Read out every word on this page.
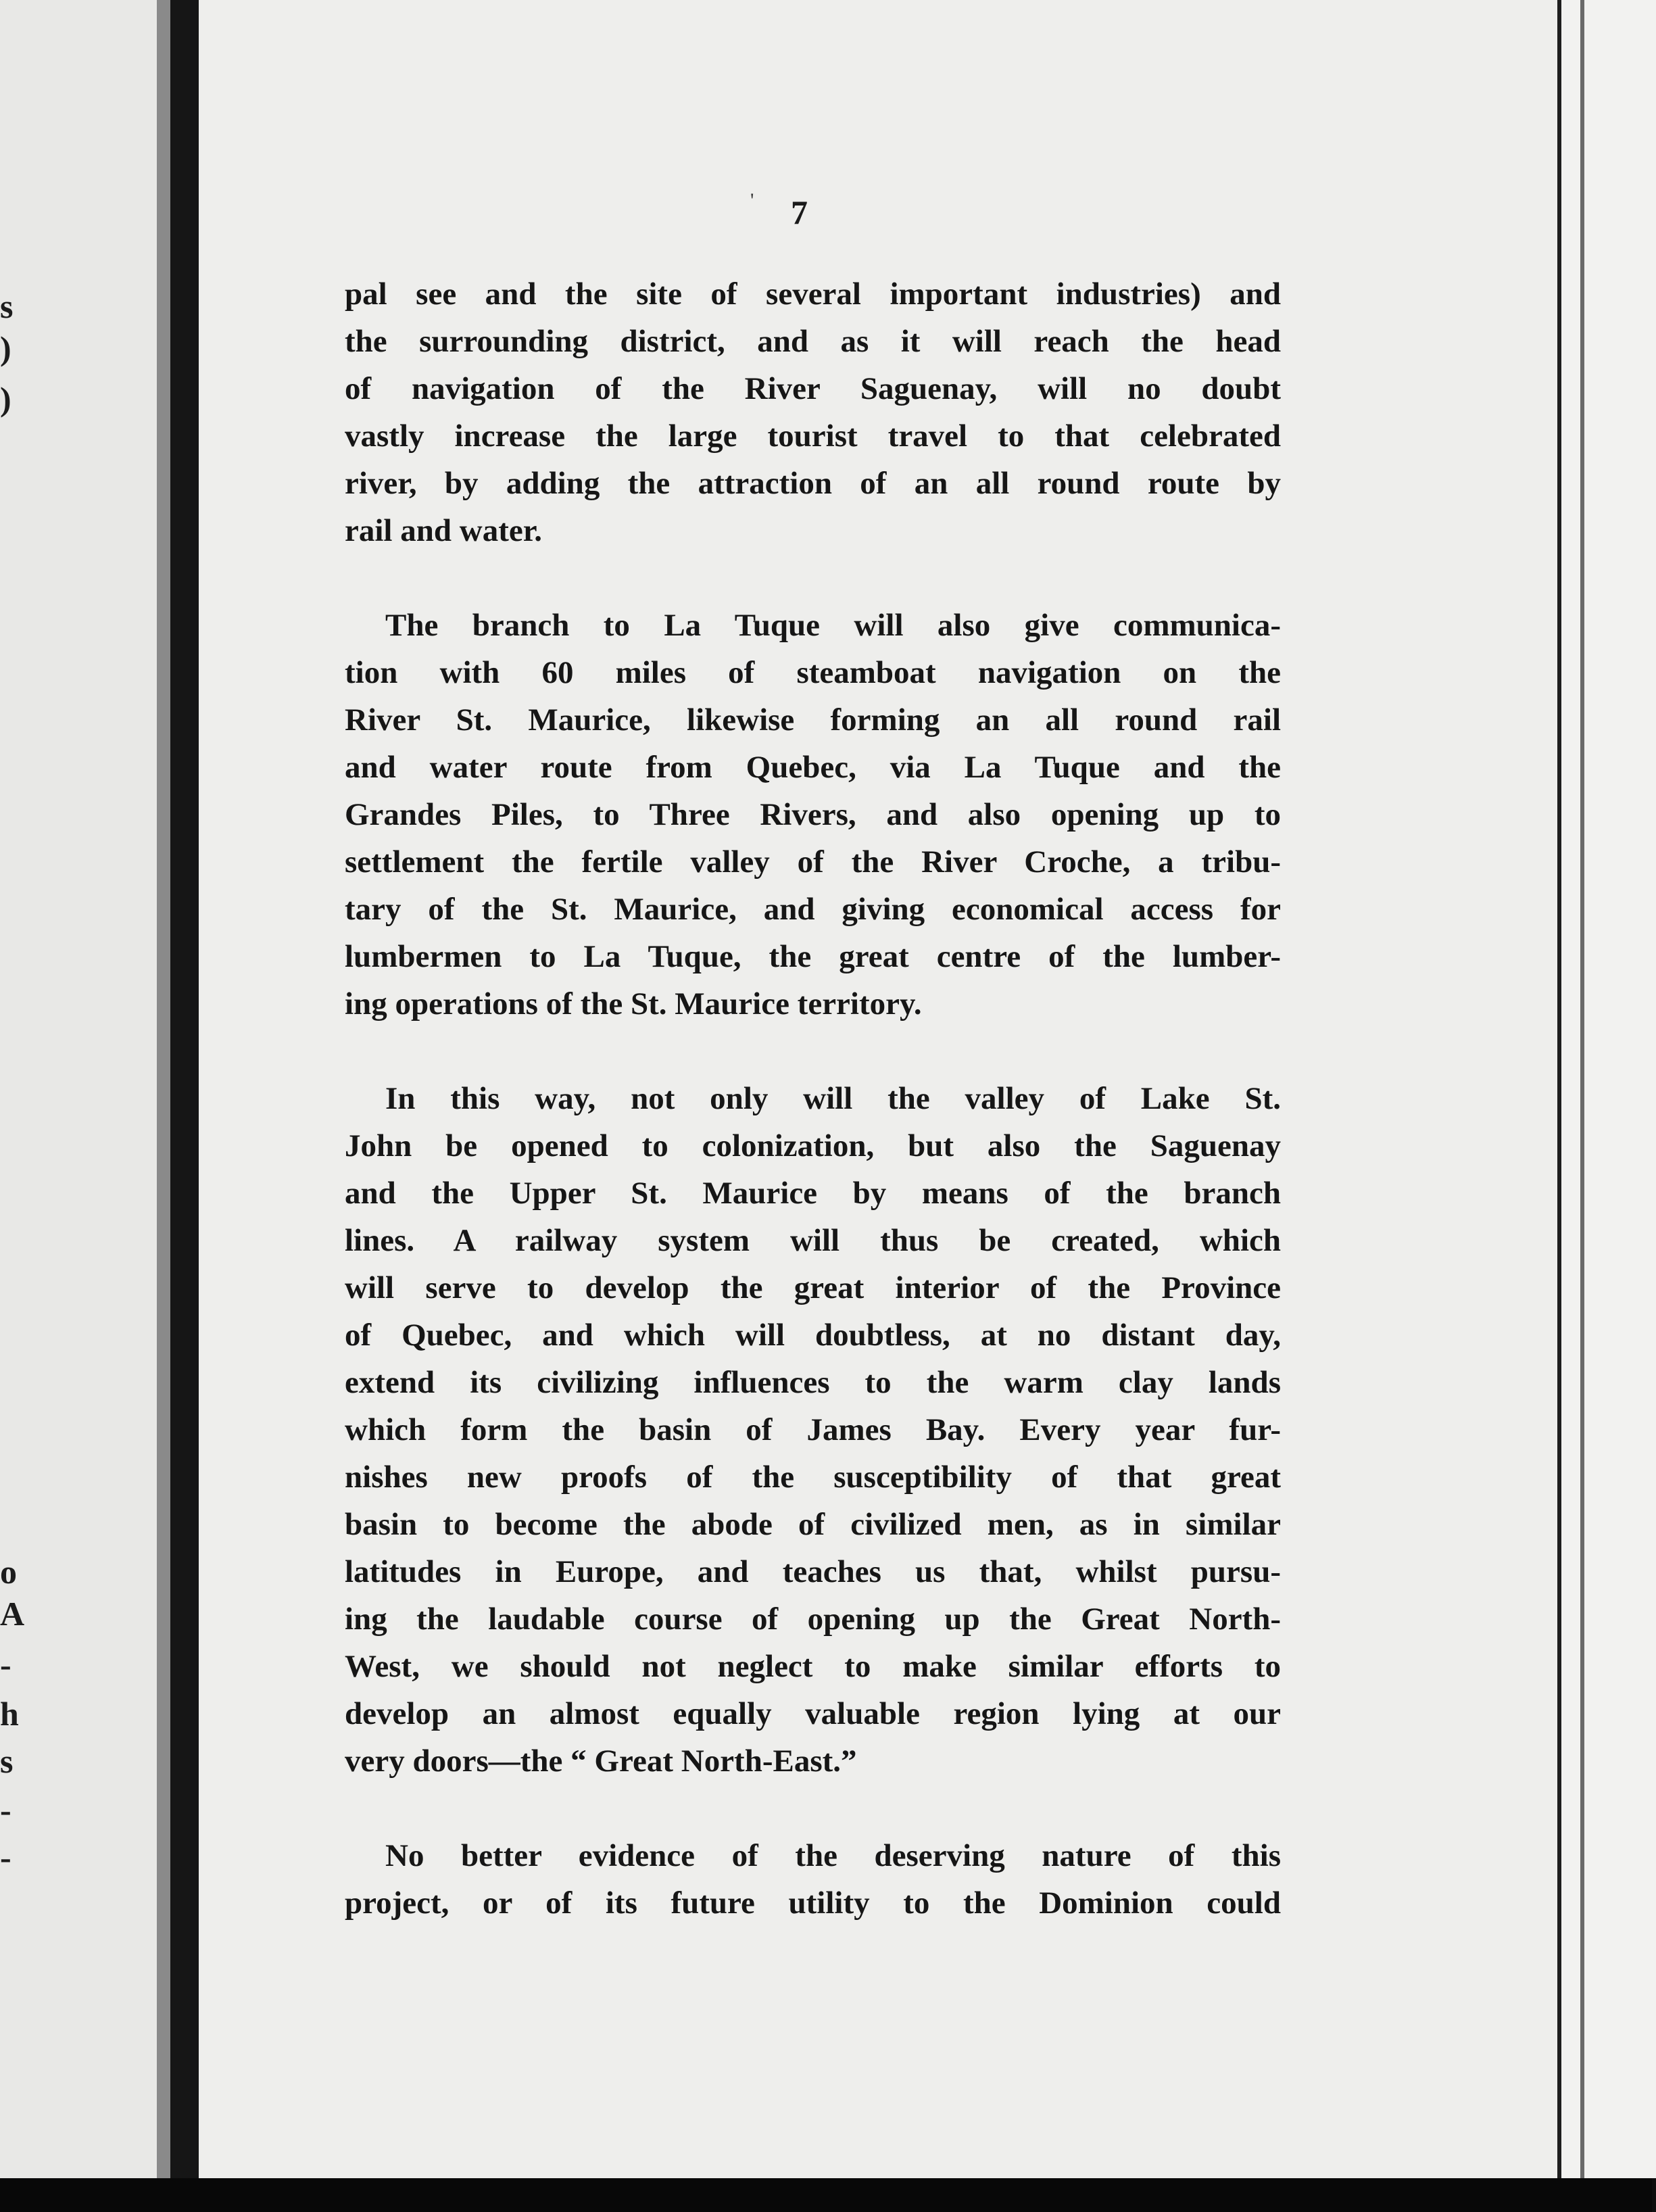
s
)
)
o
A
-
h
s
-
-
' 7

pal see and the site of several important industries) and
the surrounding district, and as it will reach the head
of navigation of the River Saguenay, will no doubt
vastly increase the large tourist travel to that celebrated
river, by adding the attraction of an all round route by
rail and water.
The branch to La Tuque will also give communica-
tion with 60 miles of steamboat navigation on the
River St. Maurice, likewise forming an all round rail
and water route from Quebec, via La Tuque and the
Grandes Piles, to Three Rivers, and also opening up to
settlement the fertile valley of the River Croche, a tribu-
tary of the St. Maurice, and giving economical access for
lumbermen to La Tuque, the great centre of the lumber-
ing operations of the St. Maurice territory.
In this way, not only will the valley of Lake St.
John be opened to colonization, but also the Saguenay
and the Upper St. Maurice by means of the branch
lines. A railway system will thus be created, which
will serve to develop the great interior of the Province
of Quebec, and which will doubtless, at no distant day,
extend its civilizing influences to the warm clay lands
which form the basin of James Bay. Every year fur-
nishes new proofs of the susceptibility of that great
basin to become the abode of civilized men, as in similar
latitudes in Europe, and teaches us that, whilst pursu-
ing the laudable course of opening up the Great North-
West, we should not neglect to make similar efforts to
develop an almost equally valuable region lying at our
very doors—the “ Great North-East.”
No better evidence of the deserving nature of this
project, or of its future utility to the Dominion could
